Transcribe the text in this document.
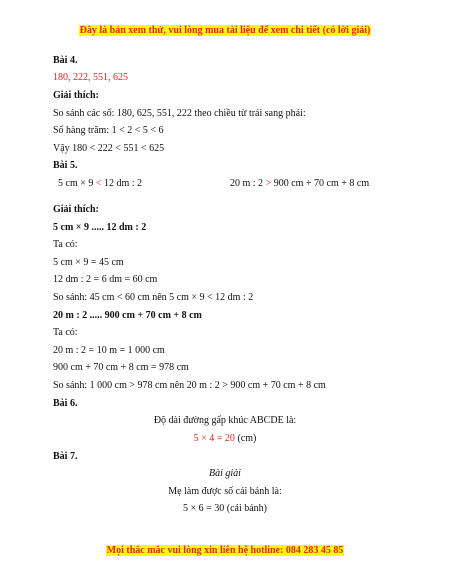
Đây là bản xem thử, vui lòng mua tài liệu để xem chi tiết (có lời giải)
Bài 4.
180, 222, 551, 625
Giải thích:
So sánh các số: 180, 625, 551, 222 theo chiều từ trái sang phải:
Số hàng trăm: 1 < 2 < 5 < 6
Vậy 180 < 222 < 551 < 625
Bài 5.
5 cm × 9 < 12 dm : 2	20 m : 2 > 900 cm + 70 cm + 8 cm
Giải thích:
5 cm × 9 ..... 12 dm : 2
Ta có:
5 cm × 9 = 45 cm
12 dm : 2 = 6 dm = 60 cm
So sánh: 45 cm < 60 cm nên 5 cm × 9 < 12 dm : 2
20 m : 2 ..... 900 cm + 70 cm + 8 cm
Ta có:
20 m : 2 = 10 m = 1 000 cm
900 cm + 70 cm + 8 cm = 978 cm
So sánh: 1 000 cm > 978 cm nên 20 m : 2 > 900 cm + 70 cm + 8 cm
Bài 6.
Độ dài đường gấp khúc ABCDE là:
5 × 4 = 20 (cm)
Bài 7.
Bài giải
Mẹ làm được số cái bánh là:
5 × 6 = 30 (cái bánh)
Mọi thắc mắc vui lòng xin liên hệ hotline: 084 283 45 85
